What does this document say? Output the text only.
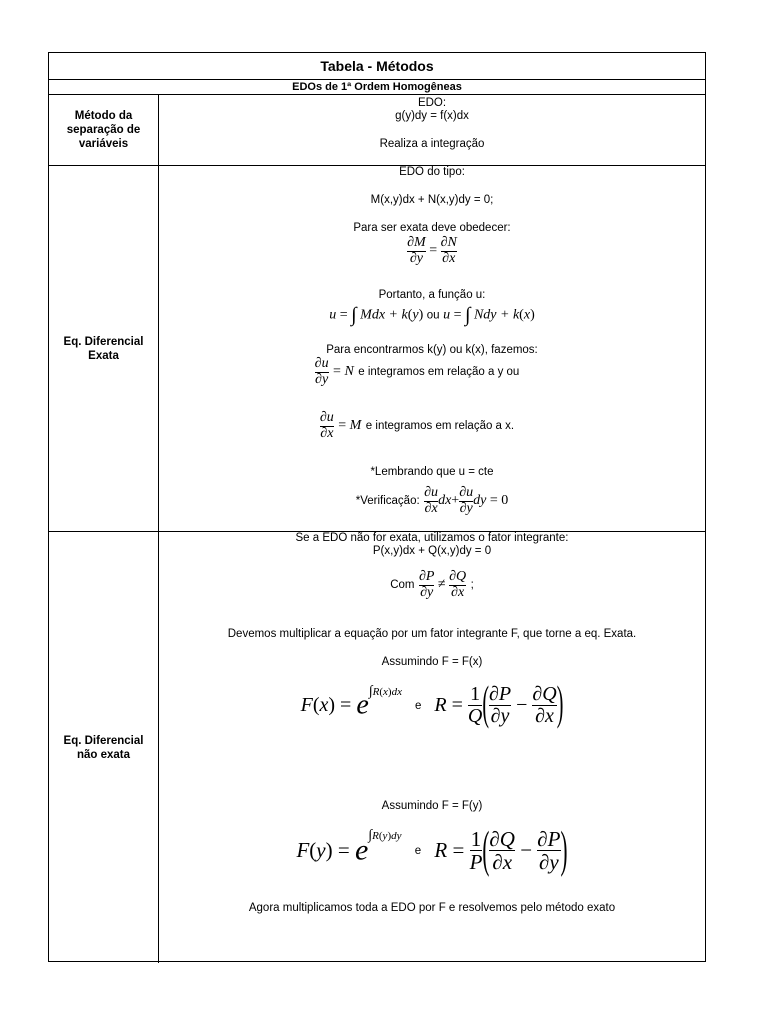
Tabela - Métodos
EDOs de 1ª Ordem Homogêneas
Método da separação de variáveis
EDO:
g(y)dy = f(x)dx
Realiza a integração
Eq. Diferencial Exata
EDO do tipo:
M(x,y)dx + N(x,y)dy = 0;
Para ser exata deve obedecer:
$\frac{\partial M}{\partial y} = \frac{\partial N}{\partial x}$
Portanto, a função u:
u = ∫ Mdx + k(y) ou u = ∫ Ndy + k(x)
Para encontrarmos k(y) ou k(x), fazemos:
$\frac{\partial u}{\partial y} = N$ e integramos em relação a y ou
$\frac{\partial u}{\partial x} = M$ e integramos em relação a x.
*Lembrando que u = cte
*Verificação: $\frac{\partial u}{\partial x} dx+ \frac{\partial u}{\partial y}$ dy = 0
Eq. Diferencial não exata
Se a EDO não for exata, utilizamos o fator integrante:
P(x,y)dx + Q(x,y)dy = 0
Com $\frac{\partial P}{\partial y} \ne \frac{\partial Q}{\partial x}$ ;
Devemos multiplicar a equação por um fator integrante F, que torne a eq. Exata.
Assumindo F = F(x)
$F(x) = e^{\int R(x)dx}$ e $R = \frac{1}{Q}$ ( $\frac{\partial P}{\partial y} - \frac{\partial Q}{\partial x}$ )
Assumindo F = F(y)
$F(y) = e^{\int R(y)dy}$ e $R = \frac{1}{P}$ ( $\frac{\partial Q}{\partial x} - \frac{\partial P}{\partial y}$ )
Agora multiplicamos toda a EDO por F e resolvemos pelo método exato
